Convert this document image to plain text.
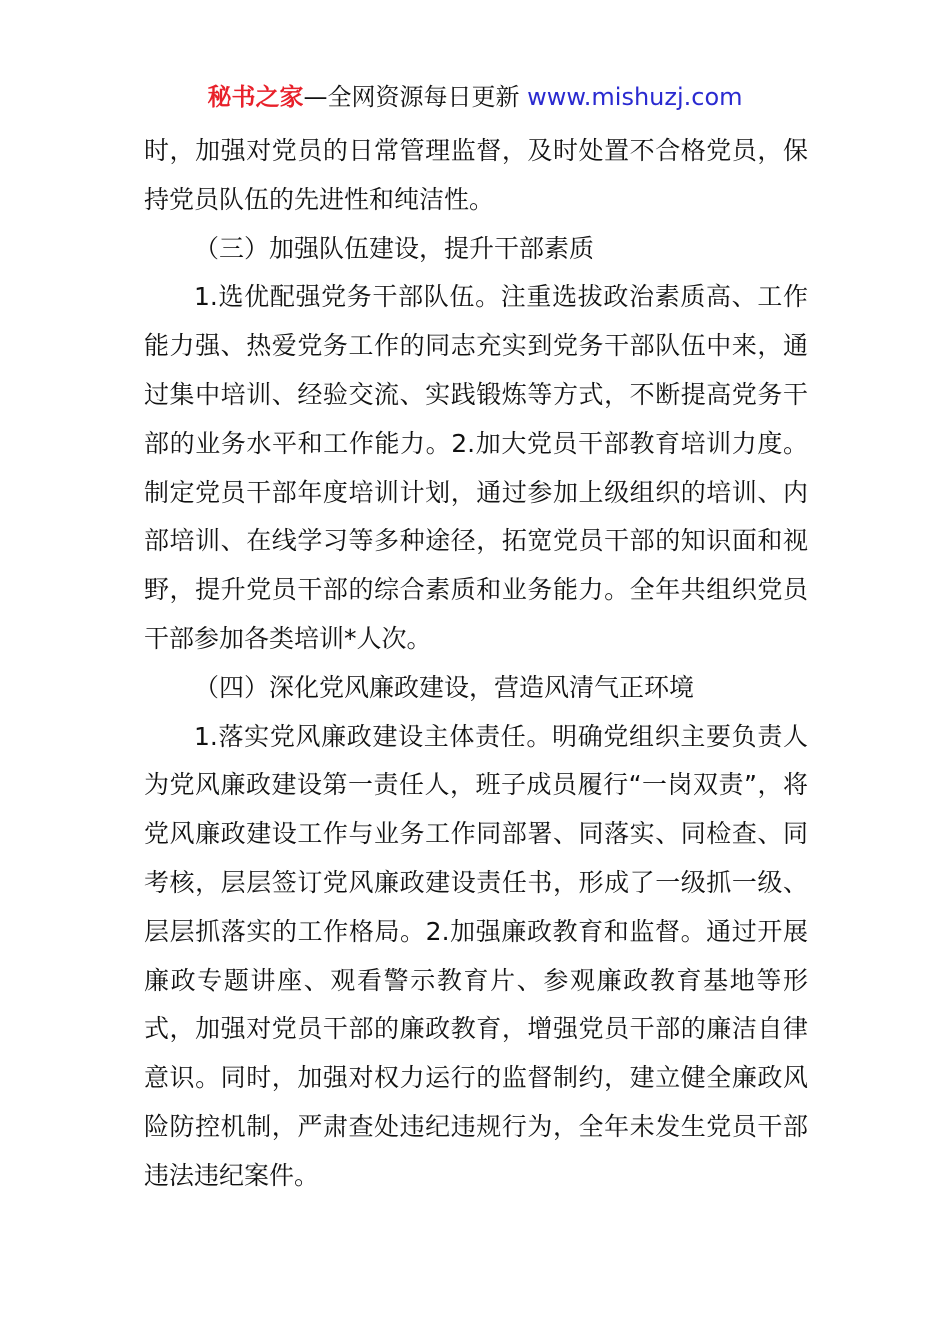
秘书之家—全网资源每日更新 www.mishuzj.com

时，加强对党员的日常管理监督，及时处置不合格党员，保持党员队伍的先进性和纯洁性。

（三）加强队伍建设，提升干部素质

1.选优配强党务干部队伍。注重选拔政治素质高、工作能力强、热爱党务工作的同志充实到党务干部队伍中来，通过集中培训、经验交流、实践锻炼等方式，不断提高党务干部的业务水平和工作能力。2.加大党员干部教育培训力度。制定党员干部年度培训计划，通过参加上级组织的培训、内部培训、在线学习等多种途径，拓宽党员干部的知识面和视野，提升党员干部的综合素质和业务能力。全年共组织党员干部参加各类培训*人次。

（四）深化党风廉政建设，营造风清气正环境

1.落实党风廉政建设主体责任。明确党组织主要负责人为党风廉政建设第一责任人，班子成员履行“一岗双责”，将党风廉政建设工作与业务工作同部署、同落实、同检查、同考核，层层签订党风廉政建设责任书，形成了一级抓一级、层层抓落实的工作格局。2.加强廉政教育和监督。通过开展廉政专题讲座、观看警示教育片、参观廉政教育基地等形式，加强对党员干部的廉政教育，增强党员干部的廉洁自律意识。同时，加强对权力运行的监督制约，建立健全廉政风险防控机制，严肃查处违纪违规行为，全年未发生党员干部违法违纪案件。
